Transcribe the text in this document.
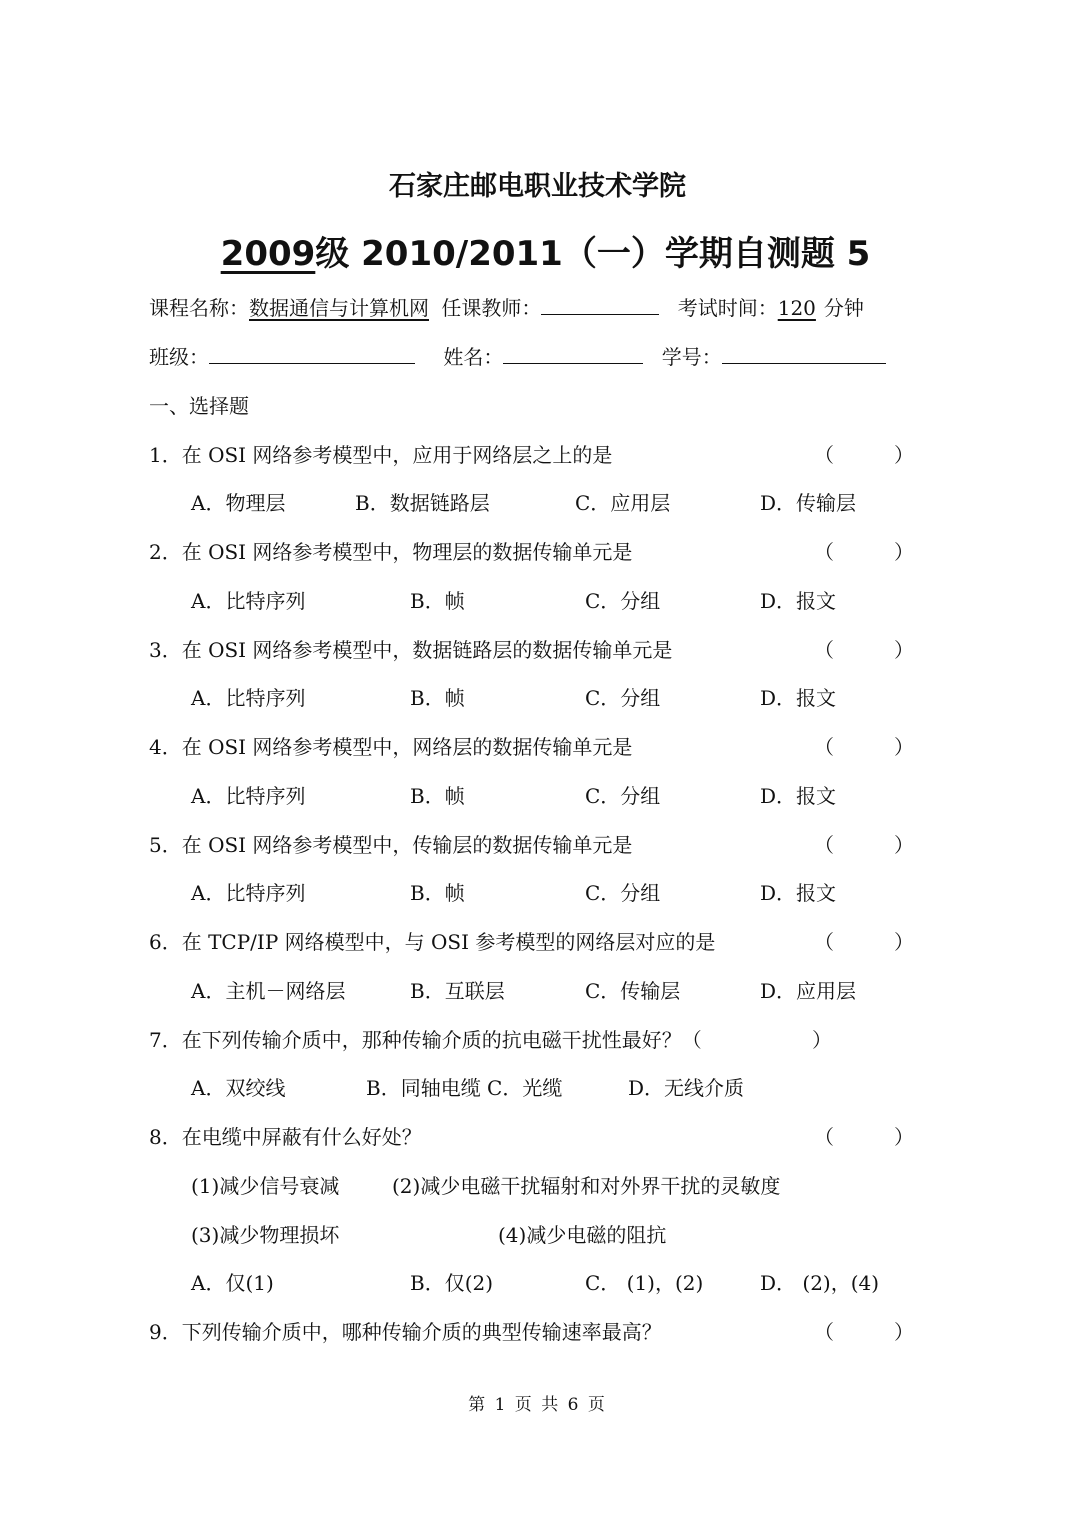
石家庄邮电职业技术学院
2009级 2010/2011（一）学期自测题 5
课程名称：数据通信与计算机网 任课教师：	考试时间：120 分钟
班级：	姓名：	学号：
一、选择题
1．在 OSI 网络参考模型中，应用于网络层之上的是	（	）
A．物理层	B．数据链路层	C．应用层	D．传输层
2．在 OSI 网络参考模型中，物理层的数据传输单元是	（	）
A．比特序列	B．帧	C．分组	D．报文
3．在 OSI 网络参考模型中，数据链路层的数据传输单元是	（	）
A．比特序列	B．帧	C．分组	D．报文
4．在 OSI 网络参考模型中，网络层的数据传输单元是	（	）
A．比特序列	B．帧	C．分组	D．报文
5．在 OSI 网络参考模型中，传输层的数据传输单元是	（	）
A．比特序列	B．帧	C．分组	D．报文
6．在 TCP/IP 网络模型中，与 OSI 参考模型的网络层对应的是	（	）
A．主机－网络层	B．互联层	C．传输层	D．应用层
7．在下列传输介质中，那种传输介质的抗电磁干扰性最好？（	）
A．双绞线	B．同轴电缆 C．光缆	D．无线介质
8．在电缆中屏蔽有什么好处？	（	）
(1)减少信号衰减	(2)减少电磁干扰辐射和对外界干扰的灵敏度
(3)减少物理损坏	(4)减少电磁的阻抗
A．仅(1)	B．仅(2)	C． (1)，(2)	D． (2)，(4)
9．下列传输介质中，哪种传输介质的典型传输速率最高？	（	）
第 1 页 共 6 页
